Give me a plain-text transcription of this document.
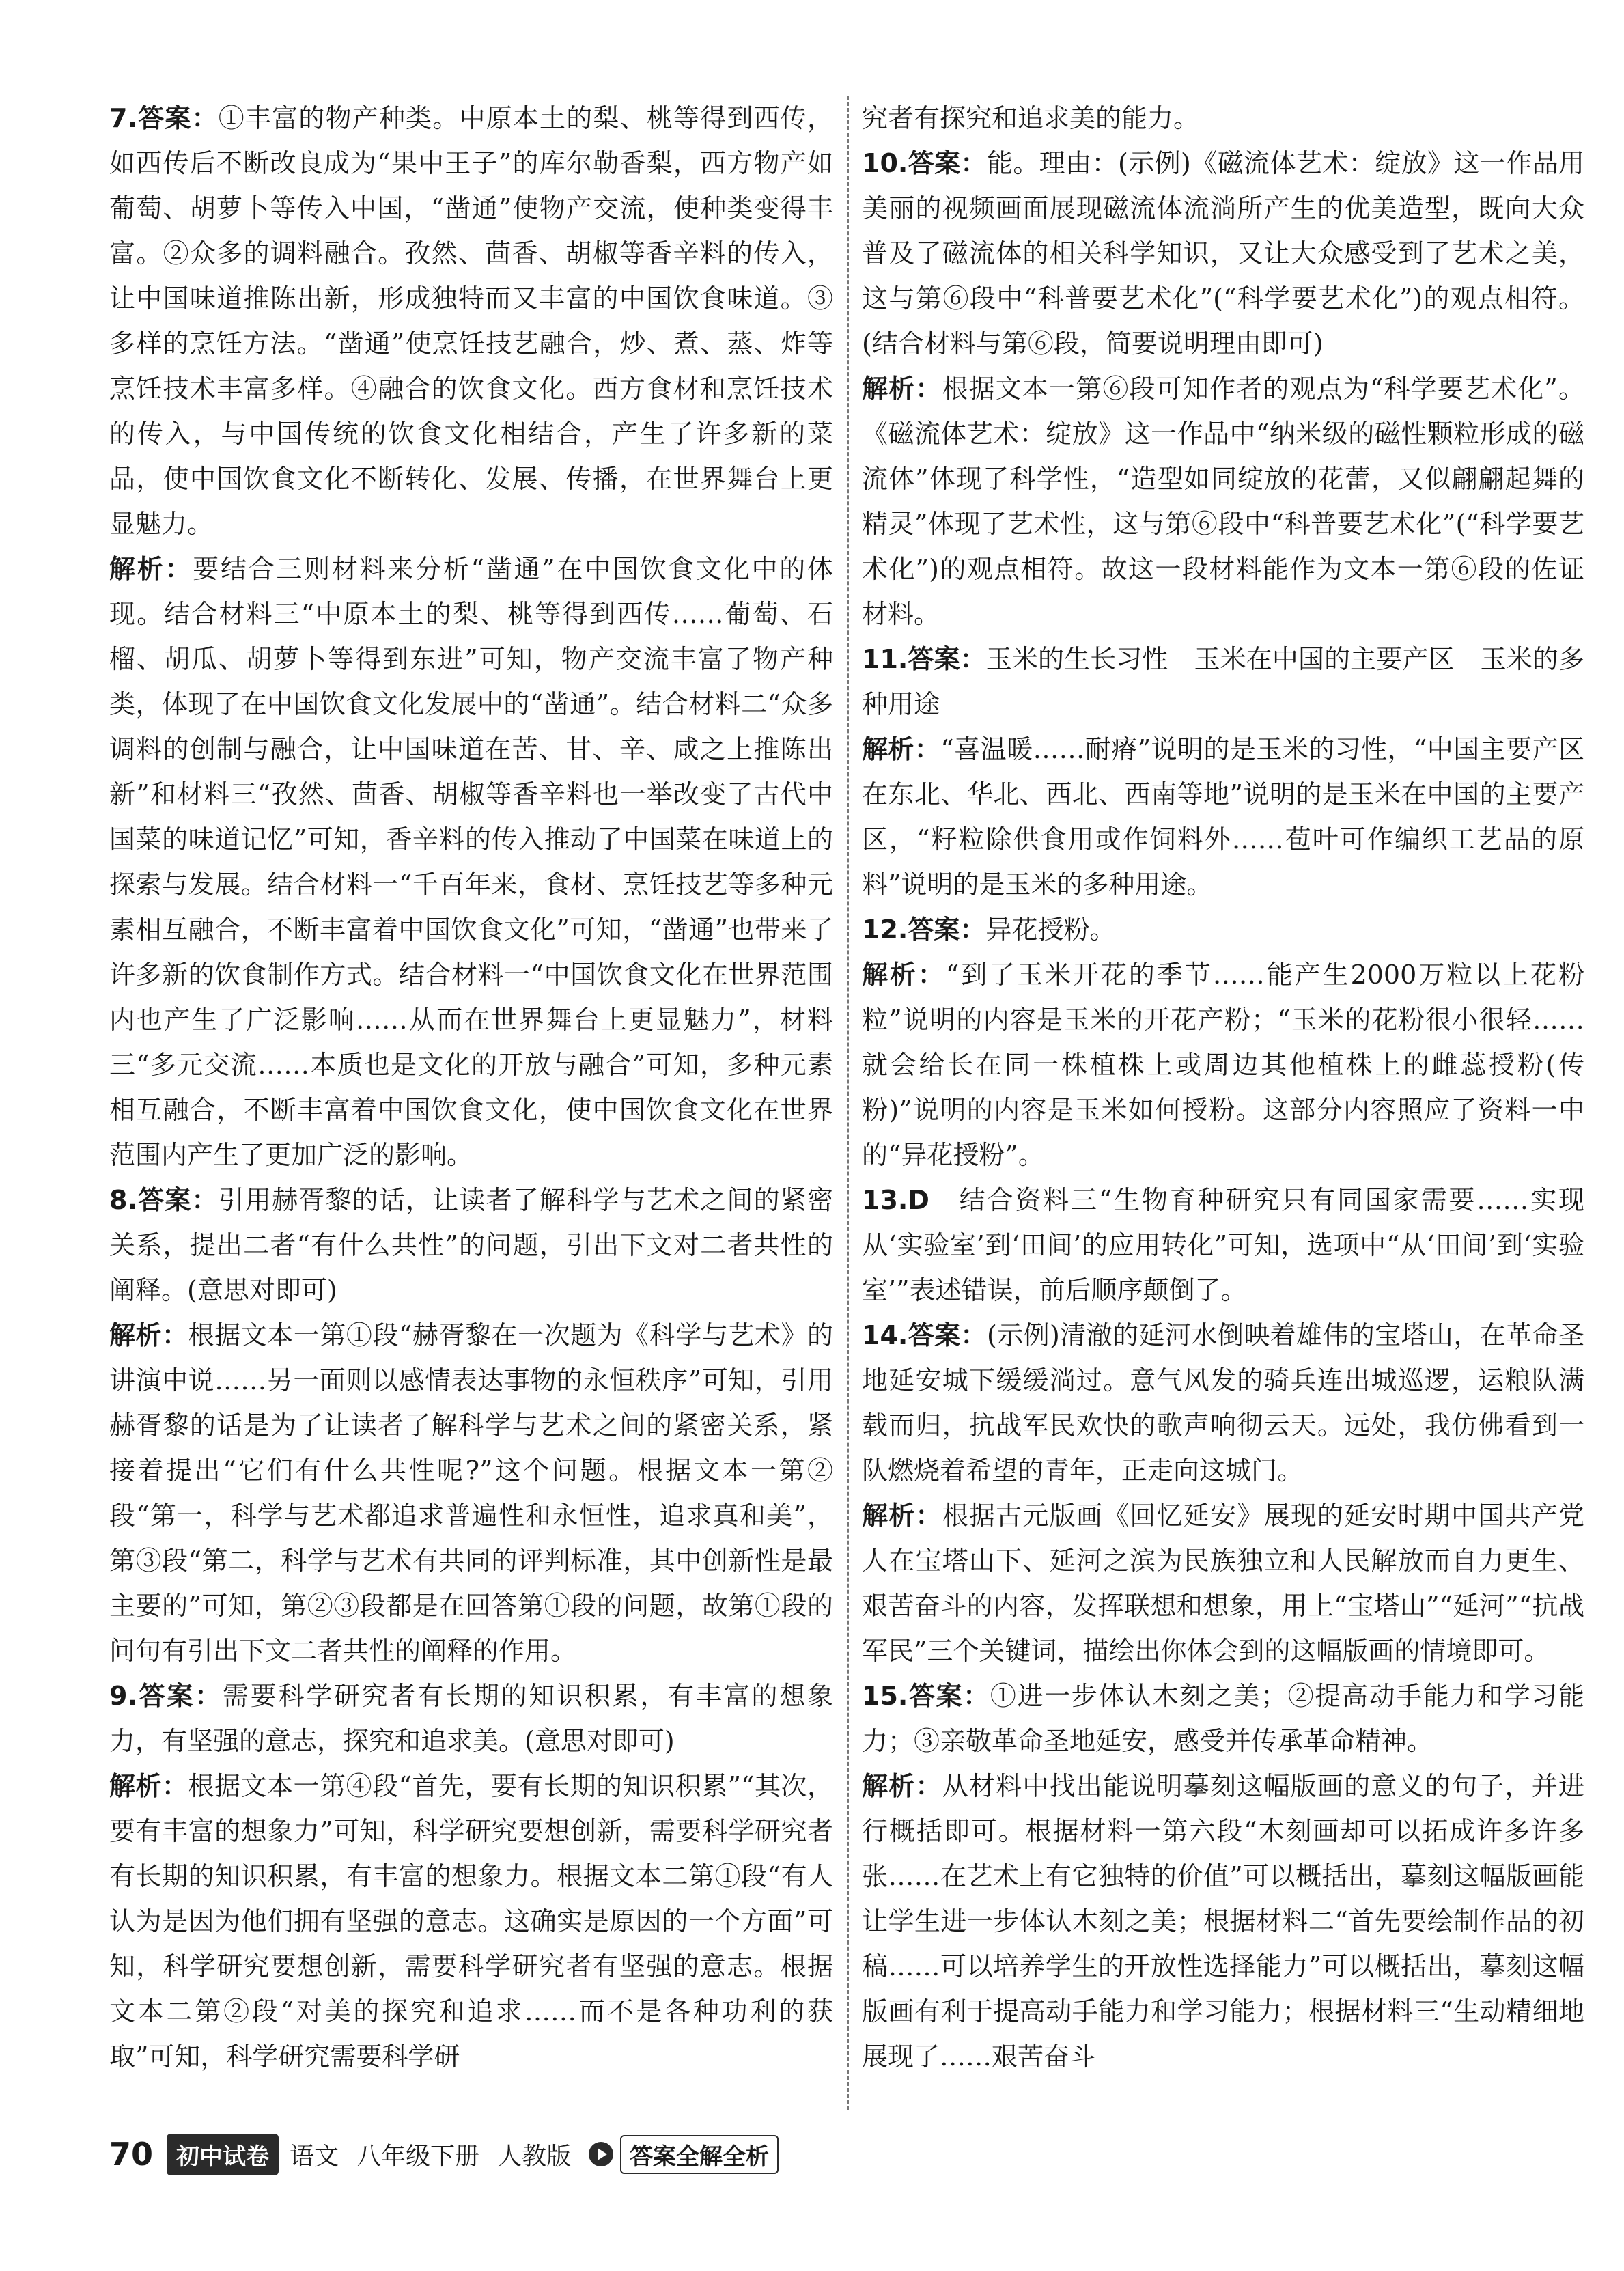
7.答案：①丰富的物产种类。中原本土的梨、桃等得到西传，如西传后不断改良成为“果中王子”的库尔勒香梨，西方物产如葡萄、胡萝卜等传入中国，“凿通”使物产交流，使种类变得丰富。②众多的调料融合。孜然、茴香、胡椒等香辛料的传入，让中国味道推陈出新，形成独特而又丰富的中国饮食味道。③多样的烹饪方法。“凿通”使烹饪技艺融合，炒、煮、蒸、炸等烹饪技术丰富多样。④融合的饮食文化。西方食材和烹饪技术的传入，与中国传统的饮食文化相结合，产生了许多新的菜品，使中国饮食文化不断转化、发展、传播，在世界舞台上更显魅力。

解析：要结合三则材料来分析“凿通”在中国饮食文化中的体现。结合材料三“中原本土的梨、桃等得到西传……葡萄、石榴、胡瓜、胡萝卜等得到东进”可知，物产交流丰富了物产种类，体现了在中国饮食文化发展中的“凿通”。结合材料二“众多调料的创制与融合，让中国味道在苦、甘、辛、咸之上推陈出新”和材料三“孜然、茴香、胡椒等香辛料也一举改变了古代中国菜的味道记忆”可知，香辛料的传入推动了中国菜在味道上的探索与发展。结合材料一“千百年来，食材、烹饪技艺等多种元素相互融合，不断丰富着中国饮食文化”可知，“凿通”也带来了许多新的饮食制作方式。结合材料一“中国饮食文化在世界范围内也产生了广泛影响……从而在世界舞台上更显魅力”，材料三“多元交流……本质也是文化的开放与融合”可知，多种元素相互融合，不断丰富着中国饮食文化，使中国饮食文化在世界范围内产生了更加广泛的影响。

8.答案：引用赫胥黎的话，让读者了解科学与艺术之间的紧密关系，提出二者“有什么共性”的问题，引出下文对二者共性的阐释。(意思对即可)

解析：根据文本一第①段“赫胥黎在一次题为《科学与艺术》的讲演中说……另一面则以感情表达事物的永恒秩序”可知，引用赫胥黎的话是为了让读者了解科学与艺术之间的紧密关系，紧接着提出“它们有什么共性呢?”这个问题。根据文本一第②段“第一，科学与艺术都追求普遍性和永恒性，追求真和美”，第③段“第二，科学与艺术有共同的评判标准，其中创新性是最主要的”可知，第②③段都是在回答第①段的问题，故第①段的问句有引出下文二者共性的阐释的作用。

9.答案：需要科学研究者有长期的知识积累，有丰富的想象力，有坚强的意志，探究和追求美。(意思对即可)

解析：根据文本一第④段“首先，要有长期的知识积累”“其次，要有丰富的想象力”可知，科学研究要想创新，需要科学研究者有长期的知识积累，有丰富的想象力。根据文本二第①段“有人认为是因为他们拥有坚强的意志。这确实是原因的一个方面”可知，科学研究要想创新，需要科学研究者有坚强的意志。根据文本二第②段“对美的探究和追求……而不是各种功利的获取”可知，科学研究需要科学研

究者有探究和追求美的能力。

10.答案：能。理由：(示例)《磁流体艺术：绽放》这一作品用美丽的视频画面展现磁流体流淌所产生的优美造型，既向大众普及了磁流体的相关科学知识，又让大众感受到了艺术之美，这与第⑥段中“科普要艺术化”(“科学要艺术化”)的观点相符。(结合材料与第⑥段，简要说明理由即可)

解析：根据文本一第⑥段可知作者的观点为“科学要艺术化”。《磁流体艺术：绽放》这一作品中“纳米级的磁性颗粒形成的磁流体”体现了科学性，“造型如同绽放的花蕾，又似翩翩起舞的精灵”体现了艺术性，这与第⑥段中“科普要艺术化”(“科学要艺术化”)的观点相符。故这一段材料能作为文本一第⑥段的佐证材料。

11.答案：玉米的生长习性　玉米在中国的主要产区　玉米的多种用途

解析：“喜温暖……耐瘠”说明的是玉米的习性，“中国主要产区在东北、华北、西北、西南等地”说明的是玉米在中国的主要产区，“籽粒除供食用或作饲料外……苞叶可作编织工艺品的原料”说明的是玉米的多种用途。

12.答案：异花授粉。

解析：“到了玉米开花的季节……能产生2000万粒以上花粉粒”说明的内容是玉米的开花产粉；“玉米的花粉很小很轻……就会给长在同一株植株上或周边其他植株上的雌蕊授粉(传粉)”说明的内容是玉米如何授粉。这部分内容照应了资料一中的“异花授粉”。

13.D　结合资料三“生物育种研究只有同国家需要……实现从‘实验室’到‘田间’的应用转化”可知，选项中“从‘田间’到‘实验室’”表述错误，前后顺序颠倒了。

14.答案：(示例)清澈的延河水倒映着雄伟的宝塔山，在革命圣地延安城下缓缓淌过。意气风发的骑兵连出城巡逻，运粮队满载而归，抗战军民欢快的歌声响彻云天。远处，我仿佛看到一队燃烧着希望的青年，正走向这城门。

解析：根据古元版画《回忆延安》展现的延安时期中国共产党人在宝塔山下、延河之滨为民族独立和人民解放而自力更生、艰苦奋斗的内容，发挥联想和想象，用上“宝塔山”“延河”“抗战军民”三个关键词，描绘出你体会到的这幅版画的情境即可。

15.答案：①进一步体认木刻之美；②提高动手能力和学习能力；③亲敬革命圣地延安，感受并传承革命精神。

解析：从材料中找出能说明摹刻这幅版画的意义的句子，并进行概括即可。根据材料一第六段“木刻画却可以拓成许多许多张……在艺术上有它独特的价值”可以概括出，摹刻这幅版画能让学生进一步体认木刻之美；根据材料二“首先要绘制作品的初稿……可以培养学生的开放性选择能力”可以概括出，摹刻这幅版画有利于提高动手能力和学习能力；根据材料三“生动精细地展现了……艰苦奋斗

70	初中试卷 语文 八年级下册 人教版	答案全解全析
